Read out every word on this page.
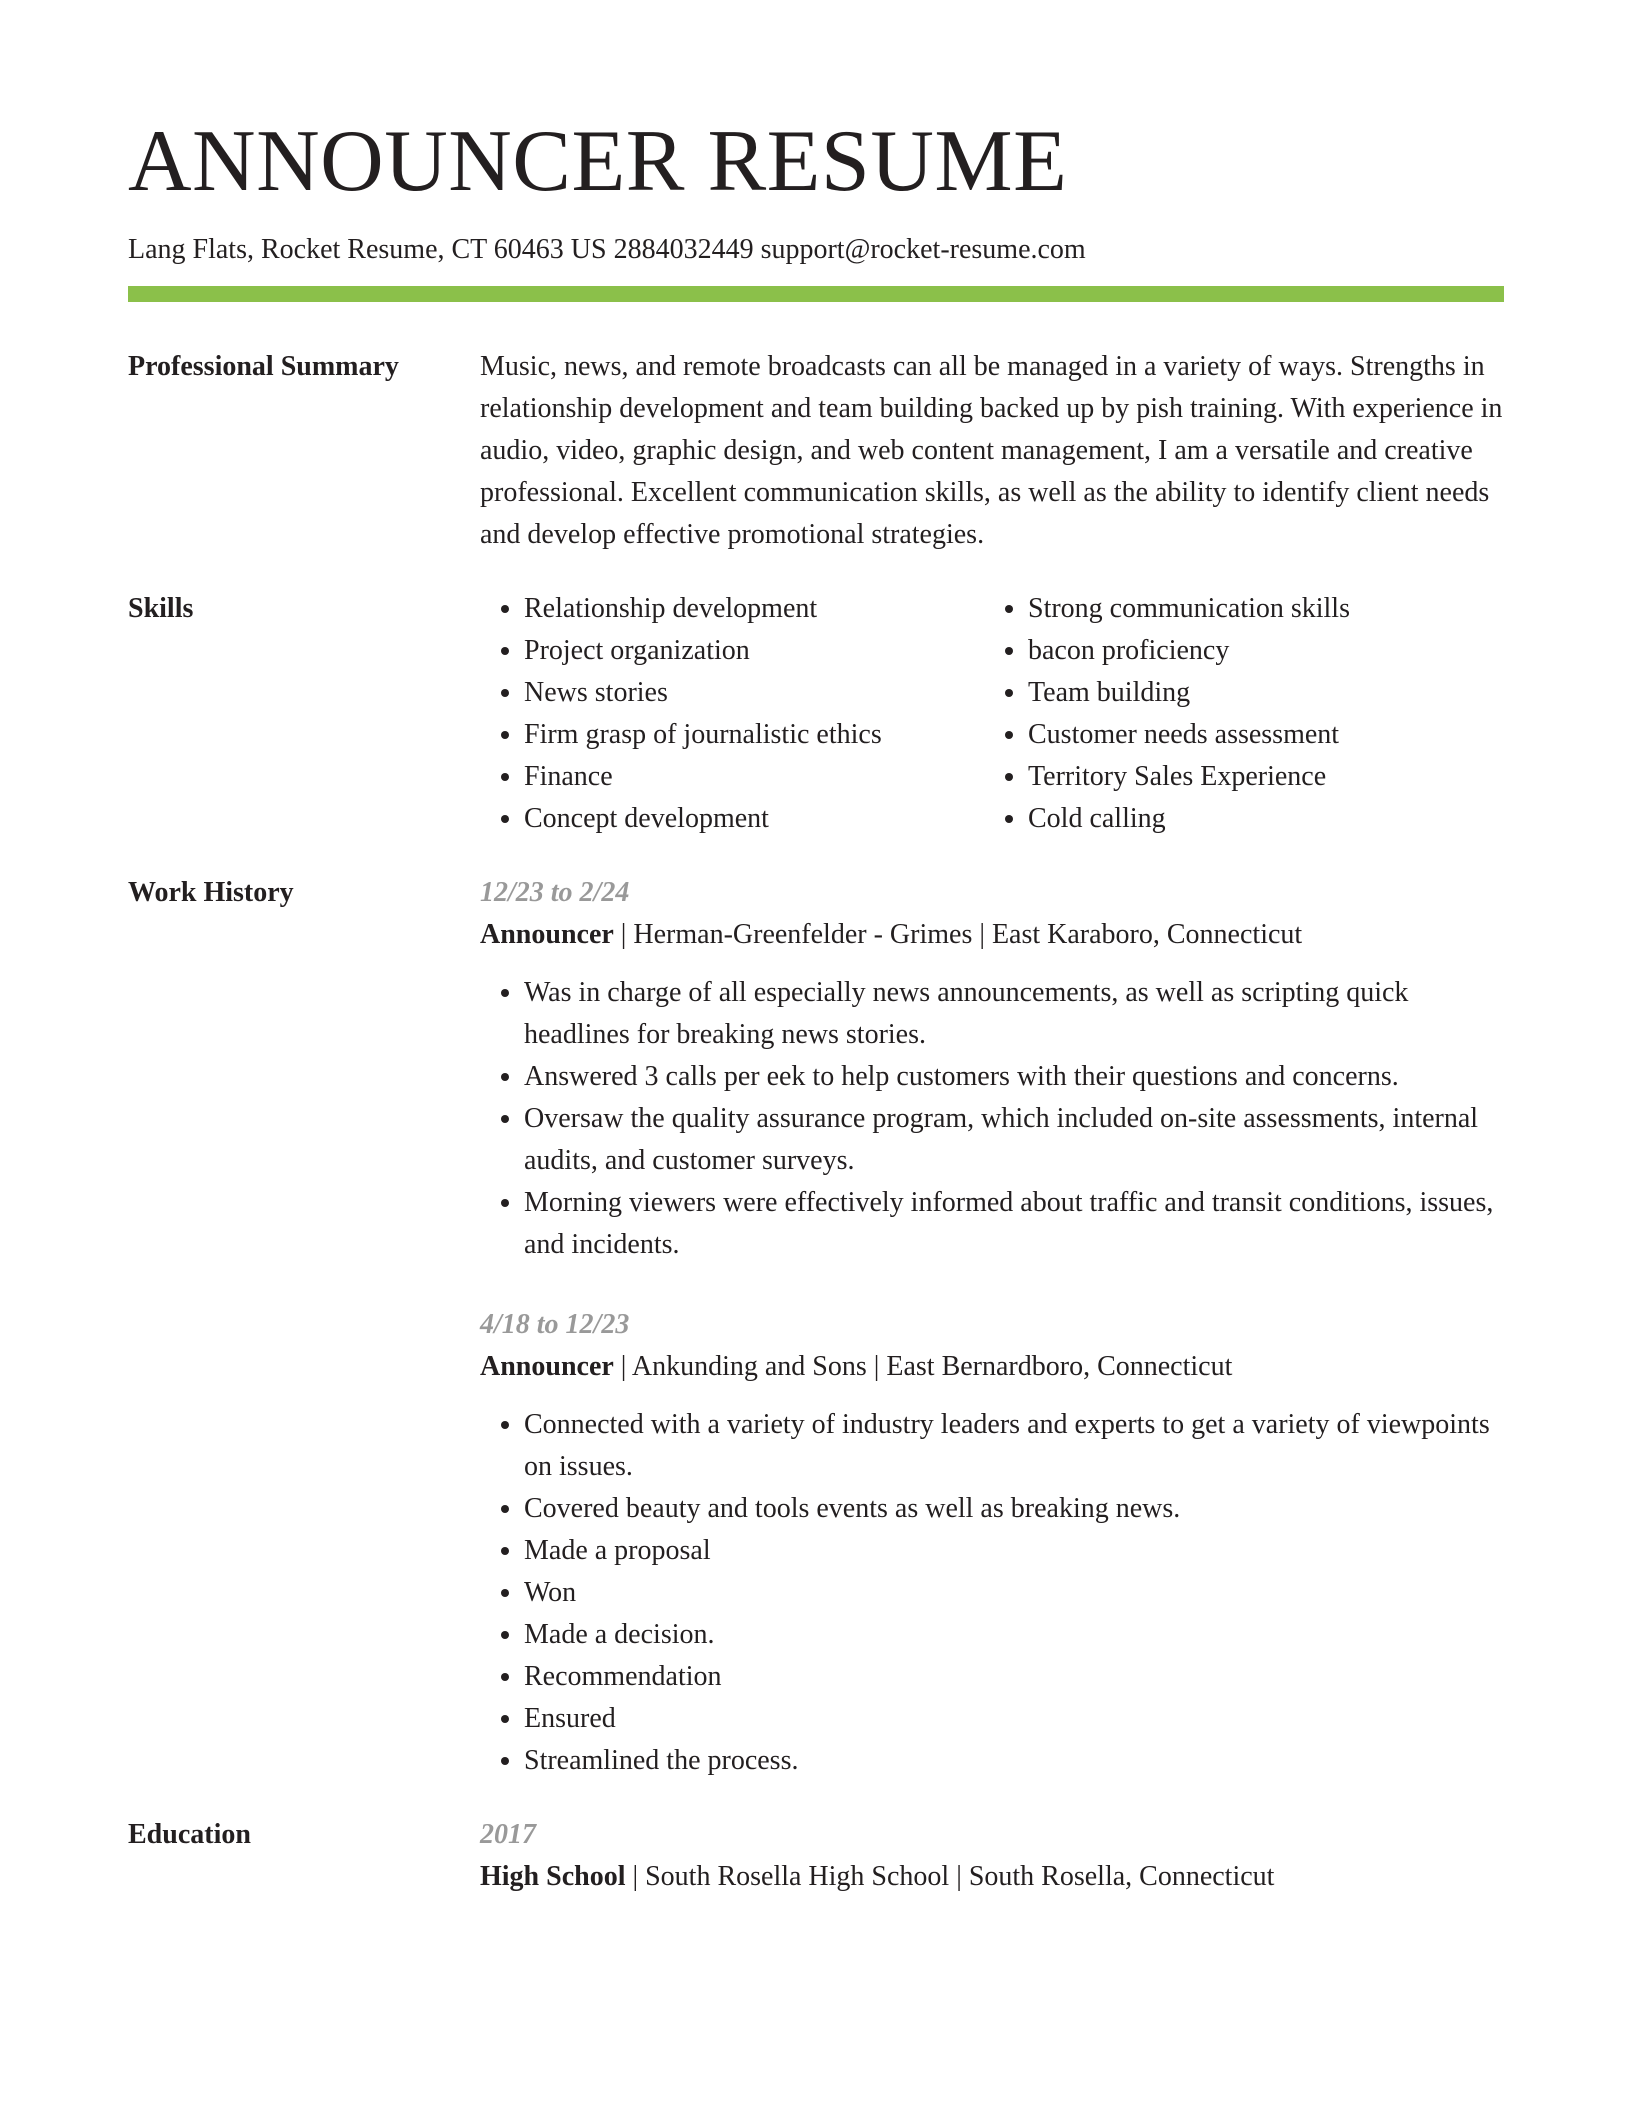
ANNOUNCER RESUME
Lang Flats, Rocket Resume, CT 60463 US 2884032449 support@rocket-resume.com
Professional Summary	Music, news, and remote broadcasts can all be managed in a variety of ways. Strengths in relationship development and team building backed up by pish training. With experience in audio, video, graphic design, and web content management, I am a versatile and creative professional. Excellent communication skills, as well as the ability to identify client needs and develop effective promotional strategies.
Skills
•	Relationship development
• Project organization
• News stories
• Firm grasp of journalistic ethics
• Finance
• Concept development
• Strong communication skills
• bacon proficiency
• Team building
• Customer needs assessment
• Territory Sales Experience
• Cold calling
Work History	12/23 to 2/24
Announcer | Herman-Greenfelder - Grimes | East Karaboro, Connecticut
• Was in charge of all especially news announcements, as well as scripting quick headlines for breaking news stories.
• Answered 3 calls per eek to help customers with their questions and concerns.
• Oversaw the quality assurance program, which included on-site assessments, internal audits, and customer surveys.
• Morning viewers were effectively informed about traffic and transit conditions, issues, and incidents.
4/18 to 12/23
Announcer | Ankunding and Sons | East Bernardboro, Connecticut
• Connected with a variety of industry leaders and experts to get a variety of viewpoints on issues.
• Covered beauty and tools events as well as breaking news.
• Made a proposal
• Won
• Made a decision.
• Recommendation
• Ensured
• Streamlined the process.
Education	2017
High School | South Rosella High School | South Rosella, Connecticut
